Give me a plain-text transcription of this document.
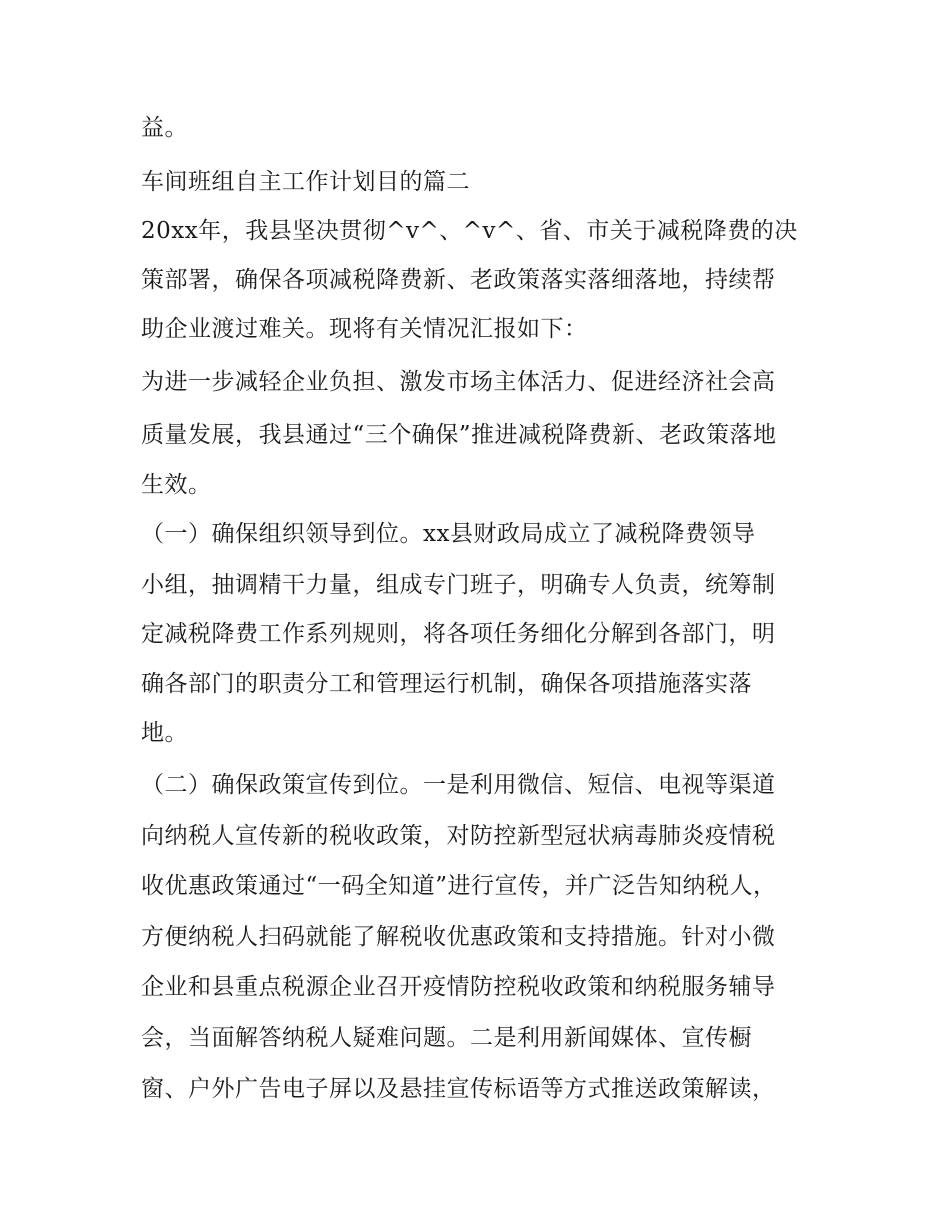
益。
车间班组自主工作计划目的篇二
20xx年，我县坚决贯彻^v^、^v^、省、市关于减税降费的决
策部署，确保各项减税降费新、老政策落实落细落地，持续帮
助企业渡过难关。现将有关情况汇报如下：
为进一步减轻企业负担、激发市场主体活力、促进经济社会高
质量发展，我县通过“三个确保”推进减税降费新、老政策落地
生效。
（一）确保组织领导到位。xx县财政局成立了减税降费领导
小组，抽调精干力量，组成专门班子，明确专人负责，统筹制
定减税降费工作系列规则，将各项任务细化分解到各部门，明
确各部门的职责分工和管理运行机制，确保各项措施落实落
地。
（二）确保政策宣传到位。一是利用微信、短信、电视等渠道
向纳税人宣传新的税收政策，对防控新型冠状病毒肺炎疫情税
收优惠政策通过“一码全知道”进行宣传，并广泛告知纳税人，
方便纳税人扫码就能了解税收优惠政策和支持措施。针对小微
企业和县重点税源企业召开疫情防控税收政策和纳税服务辅导
会，当面解答纳税人疑难问题。二是利用新闻媒体、宣传橱
窗、户外广告电子屏以及悬挂宣传标语等方式推送政策解读，
